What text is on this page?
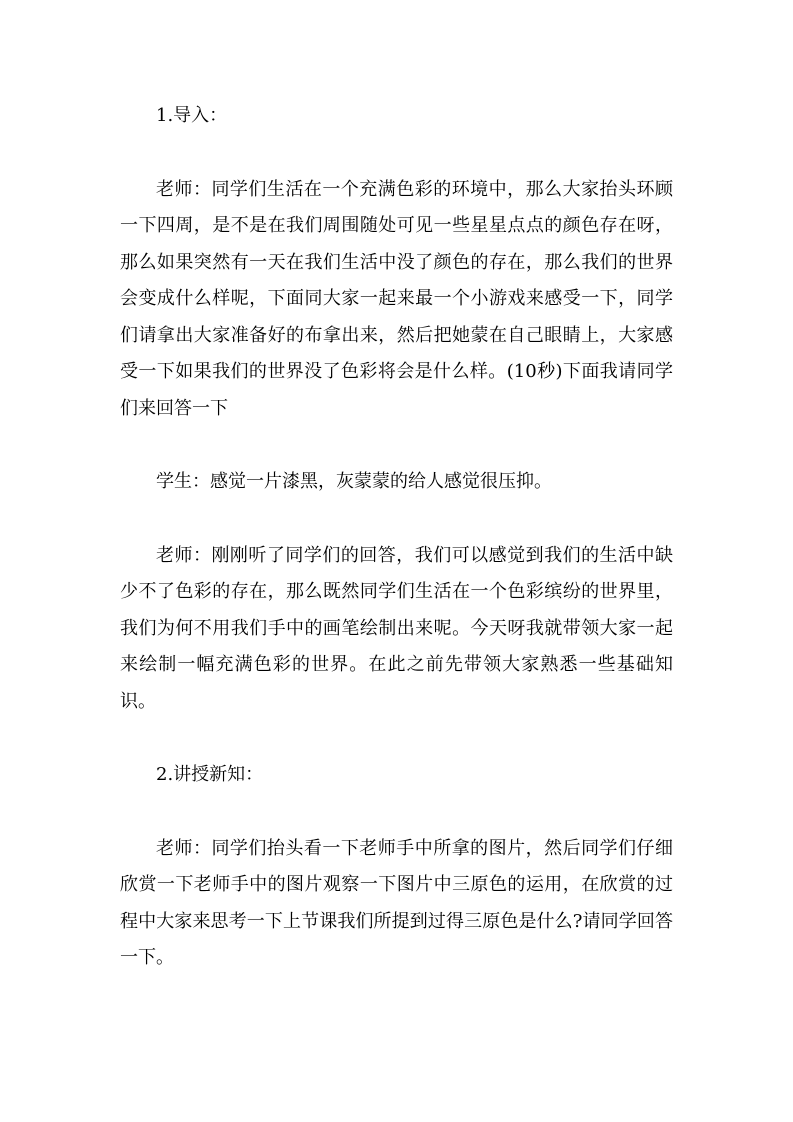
1.导入：

老师：同学们生活在一个充满色彩的环境中，那么大家抬头环顾一下四周，是不是在我们周围随处可见一些星星点点的颜色存在呀，那么如果突然有一天在我们生活中没了颜色的存在，那么我们的世界会变成什么样呢，下面同大家一起来最一个小游戏来感受一下，同学们请拿出大家准备好的布拿出来，然后把她蒙在自己眼睛上，大家感受一下如果我们的世界没了色彩将会是什么样。(10秒)下面我请同学们来回答一下

学生：感觉一片漆黑，灰蒙蒙的给人感觉很压抑。

老师：刚刚听了同学们的回答，我们可以感觉到我们的生活中缺少不了色彩的存在，那么既然同学们生活在一个色彩缤纷的世界里，我们为何不用我们手中的画笔绘制出来呢。今天呀我就带领大家一起来绘制一幅充满色彩的世界。在此之前先带领大家熟悉一些基础知识。

2.讲授新知：

老师：同学们抬头看一下老师手中所拿的图片，然后同学们仔细欣赏一下老师手中的图片观察一下图片中三原色的运用，在欣赏的过程中大家来思考一下上节课我们所提到过得三原色是什么?请同学回答一下。
